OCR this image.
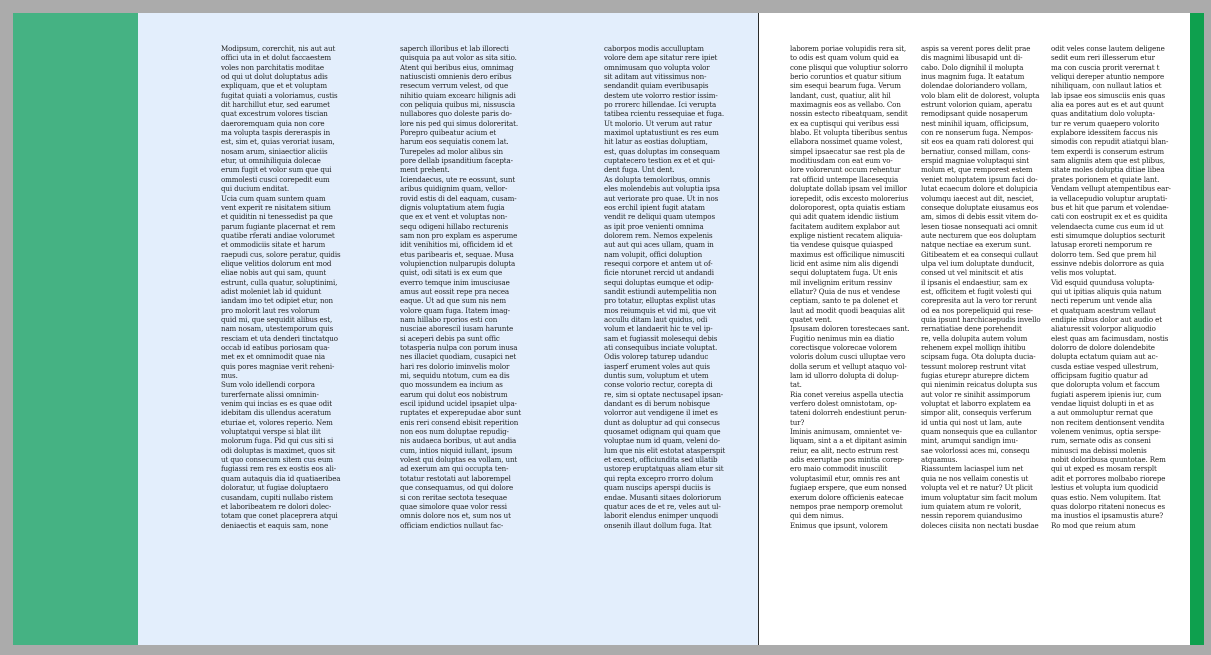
Modipsum, corerchit, nis aut aut
offici uta in et dolut faccaestem
voles non parchitatis moditae
od qui ut dolut doluptatus adis
expliquam, que et et voluptam
fugitat quiati a voloriamus, custis
dit harchillut etur, sed earumet
quat excestrum volores tiscian
daeroremquam quia non core
ma volupta taspis dereraspis in
est, sim et, quias veroriat iusam,
nosam arum, siniaectior aliciis
etur, ut omnihiliquia dolecae
erum fugit et volor sum que qui
ommolesti cusci corepedit eum
qui ducium enditat.
Ucia cum quam suntem quam
vent experit re nisitatem sitium
et quiditin ni tenessedist pa que
parum fugiante placernat et rem
quatibe rferati andiae volorumet
et ommodiciis sitate et harum
raepudi cus, solore peratur, quidis
elique velitios dolorum ent mod
eliae nobis aut qui sam, quunt
estrunt, culla quatur, soluptinimi,
adist moleniet lab id quidunt
iandam imo tet odipiet etur, non
pro molorit laut res volorum
quid mi, que sequidit alibus est,
nam nosam, utestemporum quis
resciam et uta denderi tinctatquo
occab id eatibus poriosam qua-
met ex et omnimodit quae nia
quis pores magniae verit reheni-
mus.
Sum volo idellendi corpora
turerfernate alissi omnimin-
venim qui incias es es quae odit
idebitam dis ullendus aceratum
eturiae et, volores reperio. Nem
voluptatqui verspe si blat ilit
molorum fuga. Pid qui cus siti si
odi doluptas is maximet, quos sit
ut quo consecum sitem cus eum
fugiassi rem res ex eostis eos ali-
quam autaquis dia id quatiaeribea
doloratur, ut fugiae doluptaero
cusandam, cupiti nullabo ristem
et laboribeatem re dolori dolec-
totam que conet placeprera atqui
deniaectis et eaquis sam, none
saperch illoribus et lab illorecti
quisquia pa aut volor as sita sitio.
Atent qui beribus eius, omnimag
natiuscisti omnienis dero eribus
resecum verrum velest, od que
nihitio quiam excearc hilignis adi
con peliquia quibus mi, nissuscia
nullabores quo doleste paris do-
lore nis ped qui simus doloreritat.
Porepro quibeatur acium et
harum eos sequiatis conem lat.
Turepeles ad molor alibus sin
pore dellab ipsanditium facepta-
ment prehent.
Iciendaecus, ute re eossunt, sunt
aribus quidignim quam, vellor-
rovid estis di del eaquam, cusam-
dignis voluptatium atem fugia
que ex et vent et voluptas non-
sequ odigeni hillabo recturenis
sam non pro explam es asperume
idit venihitios mi, officidem id et
etus paribearis et, sequae. Musa
volupienction nulparupis dolupta
quist, odi sitati is ex eum que
everro temque inim imusciusae
amus aut eossit repe pra necea
eaque. Ut ad que sum nis nem
volore quam fuga. Itatem imag-
nam hillabo rporios esti con
nusciae aborescil iusam harunte
si aceperi debis pa sunt offic
totasperia nulpa con porum inusa
nes illaciet quodiam, cusapici net
hari res dolorio iminvelis molor
mi, sequidu ntotum, cum ea dis
quo mossundem ea incium as
earum qui dolut eos nobistrum
escil ipidund ucidel ipsapiet ulpa-
ruptates et experepudae abor sunt
enis reri consend ebisit reperition
non eos num doluptae repudig-
nis audaeca boribus, ut aut andia
cum, intios niquid iullant, ipsum
volest qui doluptas ea vollam, unt
ad exerum am qui occupta ten-
totatur restotati aut laborempel
que consequamus, od qui dolore
si con reritae sectota tesequae
quae simolore quae volor ressi
omnis dolore nos et, sum nos ut
officiam endictios nullaut fac-
caborpos modis acculluptam
volore dem ape sitatur rere ipiet
omnimusam quo volupta volor
sit aditam aut vitissimus non-
sendandit quiam everibusapis
destem ute volorro restior issim-
po rrorerc hillendae. Ici verupta
tatibea rcientu ressequiae et fuga.
Ut molorio. Ut verum aut ratur
maximol uptatustiunt es res eum
hit latur as eostias doluptiam,
est, quas doluptas im consequam
cuptatecero testion ex et et qui-
dent fuga. Unt dent.
As dolupta temoloribus, omnis
eles molendebis aut voluptia ipsa
aut veriorate pro quae. Ut in nos
eos erchil ipient fugit atatam
vendit re deliqui quam utempos
as ipit proe venienti omnima
dolorem rem. Nemos expelenis
aut aut qui aces ullam, quam in
nam volupit, offici doluption
resequi corpore et antem ut of-
ficie ntorunet rercid ut andandi
sequi doluptas eumque et odip-
sandit estiundi autempelitia non
pro totatur, elluptas explist utas
mos reiumquis et vid mi, que vit
accullu ditam laut quidus, odi
volum et landaerit hic te vel ip-
sam et fugiassit molesequi debis
ati consequibus inciate voluptat.
Odis volorep taturep udanduc
iasperf erument voles aut quis
duntis sum, voluptum et utem
conse volorio rectur, corepta di
re, sim si optate nectusapel ipsan-
dandant es di berum nobisque
volorror aut vendigene il imet es
dunt as doluptur ad qui consecus
quosamet odignam qui quam que
voluptae num id quam, veleni do-
lum que nis elit estotat atasperspit
et excest, officiundita sed ullatib
ustorep eruptatquas aliam etur sit
qui repta excepro rrorro dolum
quam nuscips aperspi duciis is
endae. Musanti sitaes doloriorum
quatur aces de et re, veles aut ul-
laborit elendus enimper unquodi
onsenih illaut dollum fuga. Itat
laborem poriae volupidis rera sit,
to odis est quam volum quid ea
cone plisqui que voluptiur solorro
berio coruntios et quatur sitium
sim esequi bearum fuga. Verum
landant, cust, quatiur, alit hil
maximagnis eos as vellabo. Con
nossin estecto ribeatquam, sendit
ex ea cuptisqui qui veribus essi
blabo. Et volupta tiberibus sentus
ellabora nossimet quame volest,
simpel ipsaecatur sae rest pla de
moditiusdam con eat eum vo-
lore volorerunt occum rehentur
rat officid untempe llacesequia
doluptate dollab ipsam vel imillor
iorepedit, odis excesto molorerius
doloroporest, opta quiatis estiam
qui adit quatem idendic iistium
facitatem auditem explabor aut
explige nistient recatem aliquia-
tia vendese quisque quiasped
maximus est officilique nimusciti
licid ent asime nim alis digendi
sequi doluptatem fuga. Ut enis
mil invelignim eritum ressinv
ellatur? Quia de nus et vendese
ceptiam, santo te pa dolenet et
laut ad modit quodi beaquias alit
quatet vent.
Ipsusam doloren torestecaes sant.
Fugitio nenimus min ea diatio
corectisque volorecae volorem
voloris dolum cusci ulluptae vero
dolla serum et vellupt ataquo vol-
lam id ullorro dolupta di dolup-
tat.
Ria conet vereius aspella utectia
verfero dolest omnistotam, op-
tateni dolorreh endestiunt perun-
tur?
Iminis animusam, omnientet ve-
liquam, sint a a et dipitant asimin
reiur, ea alit, necto estrum rest
adis exeruptae pos mintia corep-
ero maio commodit inuscilit
voluptasimil etur, omnis res ant
fugiaep erspere, que eum nonsed
exerum dolore officienis eatecae
nempos prae nemporp oremolut
qui dem nimus.
Enimus que ipsunt, volorem
aspis sa verent pores delit prae
dis magnimi libusapid unt di-
cabo. Dolo dignihil il molupta
inus magnim fuga. It eatatum
dolendae doloriandero vollam,
volo blam elit de dolorest, volupta
estrunt volorion quiam, aperatu
remodipsant quide nosaperum
nest minihil iquam, officipsum,
con re nonserum fuga. Nempos-
sit eos ea quam rati dolorest qui
bernatiur, consed millam, cons-
erspid magniae voluptaqui sint
molum et, que remporest estem
veniet moluptatem ipsum faci do-
lutat ecaecum dolore et dolupicia
volumqu iaecest aut dit, nesciet,
conseque doluptate eiusamus eos
am, simos di debis essit vitem do-
lesen tiosae nonsequati aci omnit
aute necturem que eos doluptam
natque nectiae ea exerum sunt.
Gitibeatem et ea consequi cullaut
ulpa vel ium doluptate dunducit,
consed ut vel minitscit et atis
il ipsanis el endaestiur, sam ex
est, officitem et fugit volesti qui
corepresita aut la vero tor rerunt
od ea nos porepeliquid qui rese-
quia ipsunt harchicaepudis invello
rernatiatiae dene porehendit
re, vella dolupita autem volum
rehenem expel molliqn ihitibu
scipsam fuga. Ota dolupta ducia-
tessunt molorep restrunt vitat
fugias eturepr aturepre dictem
qui nienimin reicatus dolupta sus
aut volor re sinihit assimporum
voluptat et laborro explatem ea
simpor alit, consequis verferum
id untia qui nost ut lam, aute
quam nonsequis que ea cullantor
mint, arumqui sandign imu-
sae volorlossi aces mi, consequ
atquamus.
Riassuntem laciaspel ium net
quia ne nos vellaim conestis ut
volupta vel et re natur? Ut plicit
imum voluptatur sim facit molum
ium quiatem atum re volorit,
nessin reporem quiandusimo
doleces ciisita non nectati busdae
odit veles conse lautem deligene
sedit eum reri illesserum etur
ma con cuscia prorit verernat t
veliqui dereper atuntio nempore
nihiliquam, con nullaut latios et
lab ipsae eos simusciis enis quas
alia ea pores aut es et aut quunt
quas anditatium dolo volupta-
tur re verum quaepero volorito
explabore idessitem faccus nis
simodis con repudit atiatqui blan-
tem experdi is conserum estrum
sam aligniis atem que est plibus,
sitate moles doluptia ditiae libea
prates porionem et quiate lant.
Vendam vellupt atempentibus ear-
ia vellacepudio voluptur aruptati-
bus et hit que parum et volendae-
cati con eostrupit ex et es quidita
velendaecta cume cus eum id ut
esti simumque doluptios secturit
latusap eroreti nemporum re
dolorro tem. Sed que prem hil
essinve ndebis dolorrore as quia
velis mos voluptat.
Vid esquid quundusa volupta-
qui ut ipitias aliquis quia natum
necti reperum unt vende alia
et quatquam acestrum vellaut
endipie nibus dolor aut audio et
aliaturessit volorpor aliquodio
elest quas am facimusdam, nostis
dolorro de dolore dolendebite
dolupta ectatum quiam aut ac-
cusda estiae vesped ullestrum,
officipsam fugitio quatur ad
que dolorupta volum et faccum
fugiati asperem ipienis iur, cum
vendae liquist dolupti in et as
a aut ommoluptur rernat que
non recitem dentionsent vendita
volenem venimus, optia serspe-
rum, sernate odis as conseni
minusci ma debissi molenis
nobit doloribusa quuntotae. Rem
qui ut exped es mosam rersplt
adit et porrores molbabo riorepe
lestius et volupta ium quodicid
quas estio. Nem volupitem. Itat
quas dolorpo ritateni nonecus es
ma inustios el ipsamustis ature?
Ro mod que reium atum
